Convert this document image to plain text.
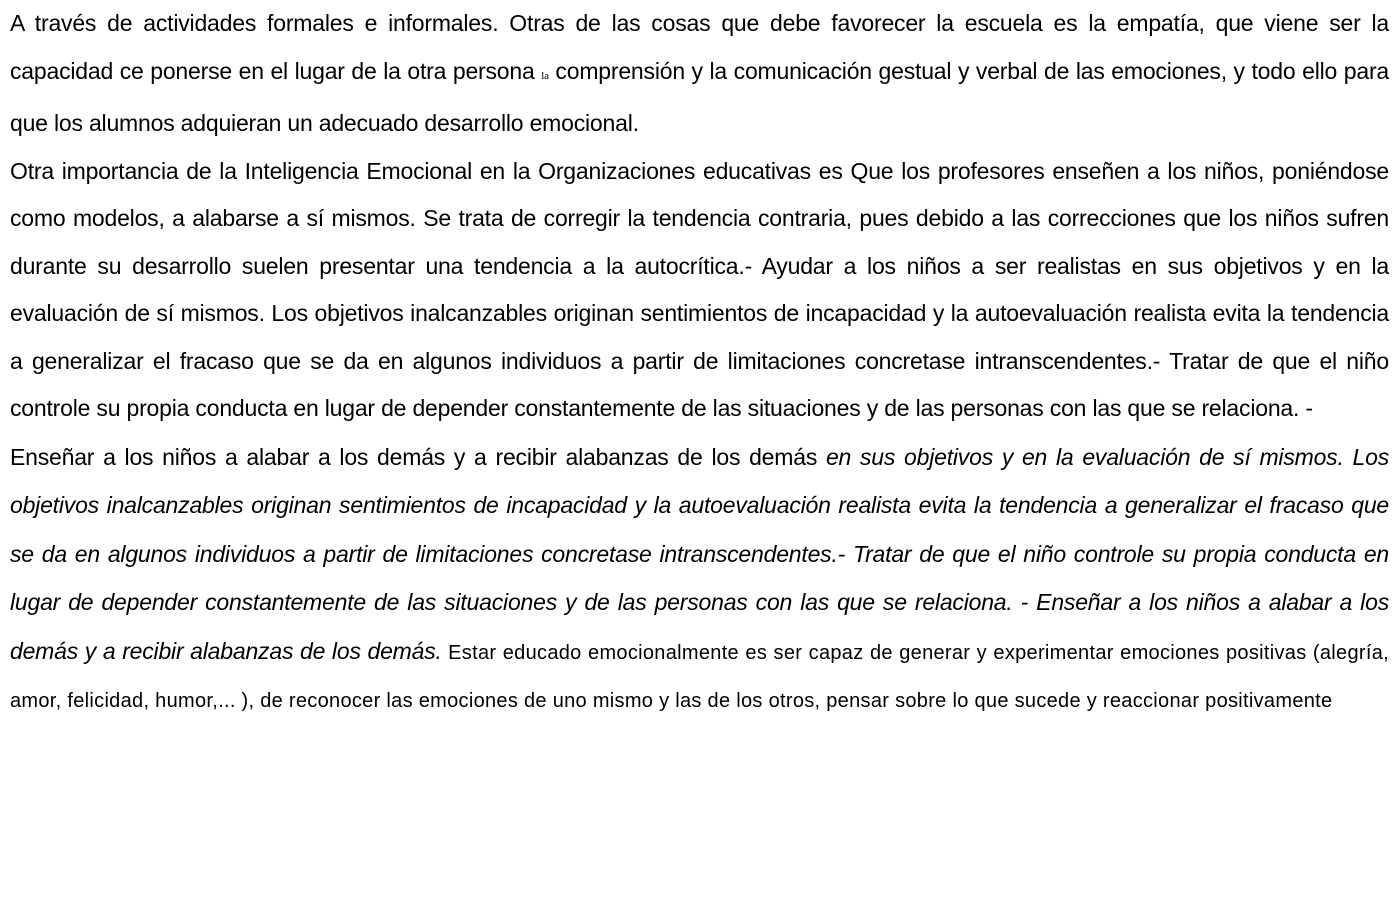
A través de actividades formales e informales. Otras de las cosas que debe favorecer la escuela es la empatía, que viene ser la capacidad ce ponerse en el lugar de la otra persona la comprensión y la comunicación gestual y verbal de las emociones, y todo ello para que los alumnos adquieran un adecuado desarrollo emocional.

Otra importancia de la Inteligencia Emocional en la Organizaciones educativas es Que los profesores enseñen a los niños, poniéndose como modelos, a alabarse a sí mismos. Se trata de corregir la tendencia contraria, pues debido a las correcciones que los niños sufren durante su desarrollo suelen presentar una tendencia a la autocrítica.- Ayudar a los niños a ser realistas en sus objetivos y en la evaluación de sí mismos. Los objetivos inalcanzables originan sentimientos de incapacidad y la autoevaluación realista evita la tendencia a generalizar el fracaso que se da en algunos individuos a partir de limitaciones concretase intranscendentes.- Tratar de que el niño controle su propia conducta en lugar de depender constantemente de las situaciones y de las personas con las que se relaciona. -

Enseñar a los niños a alabar a los demás y a recibir alabanzas de los demás en sus objetivos y en la evaluación de sí mismos. Los objetivos inalcanzables originan sentimientos de incapacidad y la autoevaluación realista evita la tendencia a generalizar el fracaso que se da en algunos individuos a partir de limitaciones concretase intranscendentes.- Tratar de que el niño controle su propia conducta en lugar de depender constantemente de las situaciones y de las personas con las que se relaciona. - Enseñar a los niños a alabar a los demás y a recibir alabanzas de los demás. Estar educado emocionalmente es ser capaz de generar y experimentar emociones positivas (alegría, amor, felicidad, humor,... ), de reconocer las emociones de uno mismo y las de los otros, pensar sobre lo que sucede y reaccionar positivamente
